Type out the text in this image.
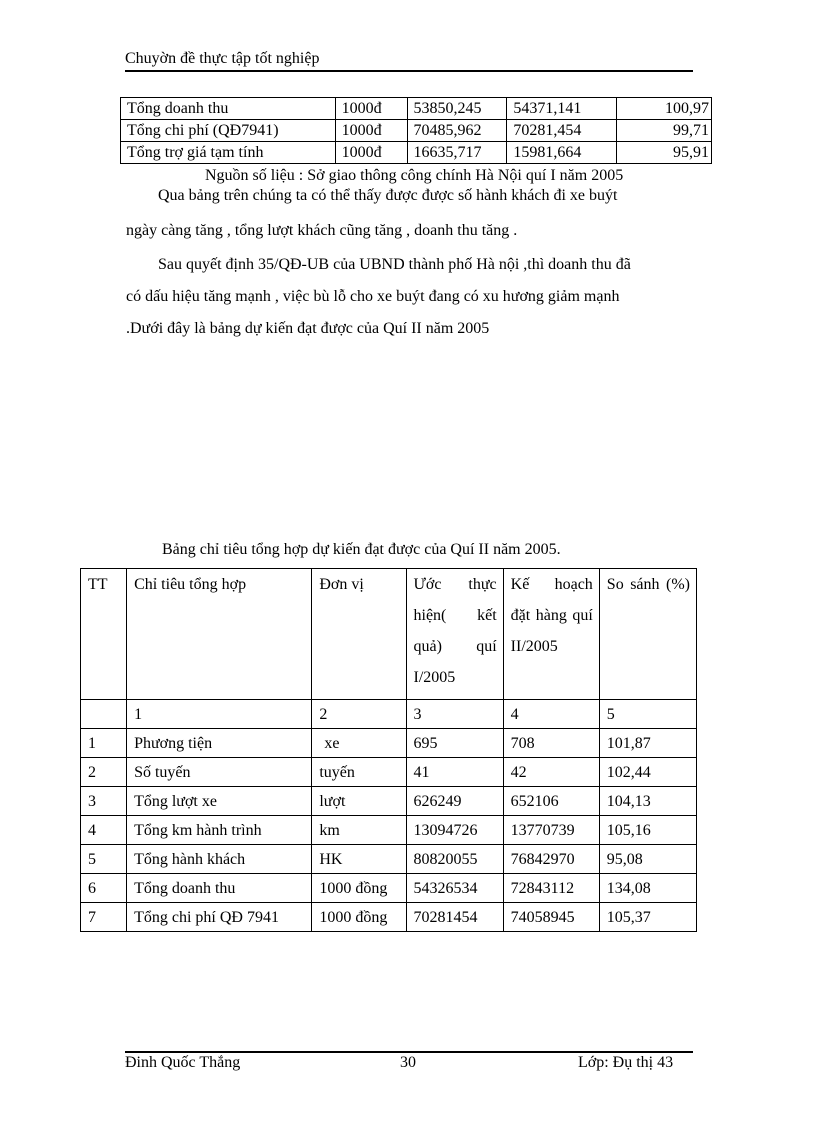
Chuyờn đề thực tập tốt nghiệp
Tổng doanh thu	1000đ	53850,245	54371,141	100,97
Tổng chi phí (QĐ7941)	1000đ	70485,962	70281,454	99,71
Tổng trợ giá tạm tính	1000đ	16635,717	15981,664	95,91
Nguồn số liệu : Sở giao thông công chính Hà Nội quí I năm 2005
Qua bảng trên chúng ta có thể thấy được được số hành khách đi xe buýt
ngày càng tăng , tổng lượt khách cũng tăng , doanh thu tăng .
Sau quyết định 35/QĐ-UB của UBND thành phố Hà nội ,thì doanh thu đã
có dấu hiệu tăng mạnh , việc bù lỗ cho xe buýt đang có xu hương giảm mạnh
.Dưới đây là bảng dự kiến đạt được của Quí II năm 2005
Bảng chỉ tiêu tổng hợp dự kiến đạt được của Quí II năm 2005.
TT	Chỉ tiêu tổng hợp	Đơn vị	Ước thực hiện( kết quả) quí I/2005	Kế hoạch đặt hàng quí II/2005	So sánh (%)
	1	2	3	4	5
1	Phương tiện	xe	695	708	101,87
2	Số tuyến	tuyến	41	42	102,44
3	Tổng lượt xe	lượt	626249	652106	104,13
4	Tổng km hành trình	km	13094726	13770739	105,16
5	Tổng hành khách	HK	80820055	76842970	95,08
6	Tổng doanh thu	1000 đồng	54326534	72843112	134,08
7	Tổng chi phí QĐ 7941	1000 đồng	70281454	74058945	105,37
Đinh Quốc Thắng	30	Lớp: Đụ thị 43
